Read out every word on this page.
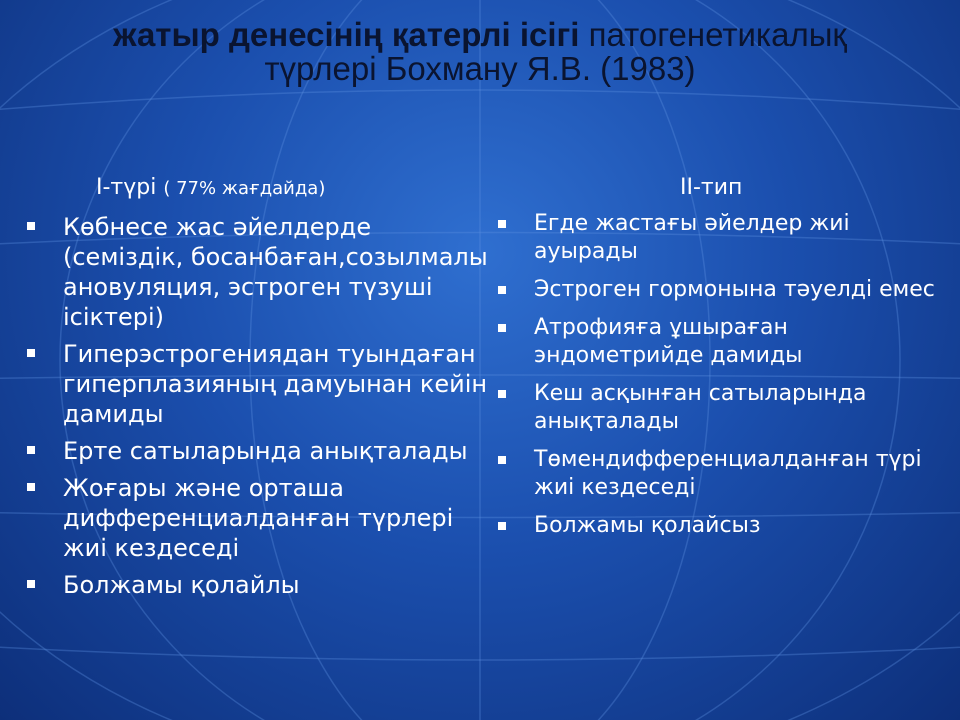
жатыр денесінің қатерлі ісігі патогенетикалық
түрлері Бохману Я.В. (1983)
I-түрі ( 77% жағдайда)
Көбнесе жас әйелдерде (семіздік, босанбаған,созылмалы ановуляция, эстроген түзуші ісіктері)
Гиперэстрогениядан туындаған гиперплазияның дамуынан кейін дамиды
Ерте сатыларында анықталады
Жоғары және орташа дифференциалданған түрлері жиі кездеседі
Болжамы қолайлы
II-тип
Егде жастағы әйелдер жиі ауырады
Эстроген гормонына тәуелді емес
Атрофияға ұшыраған эндометрийде дамиды
Кеш асқынған сатыларында анықталады
Төмендифференциалданған түрі жиі кездеседі
Болжамы қолайсыз
